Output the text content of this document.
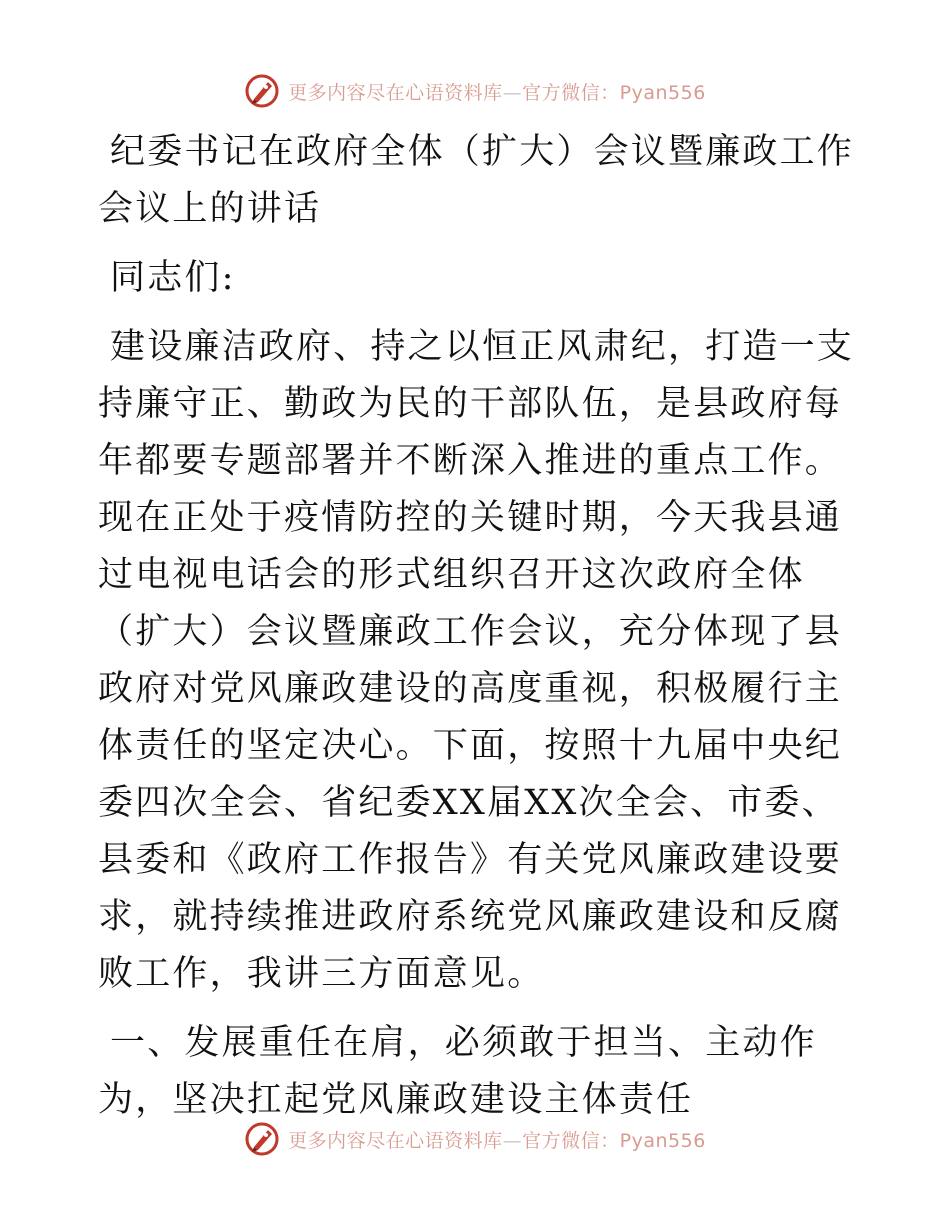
更多内容尽在心语资料库—官方微信：Pyan556
纪委书记在政府全体（扩大）会议暨廉政工作会议上的讲话

同志们:

建设廉洁政府、持之以恒正风肃纪，打造一支持廉守正、勤政为民的干部队伍，是县政府每年都要专题部署并不断深入推进的重点工作。现在正处于疫情防控的关键时期，今天我县通过电视电话会的形式组织召开这次政府全体（扩大）会议暨廉政工作会议，充分体现了县政府对党风廉政建设的高度重视，积极履行主体责任的坚定决心。下面，按照十九届中央纪委四次全会、省纪委XX届XX次全会、市委、县委和《政府工作报告》有关党风廉政建设要求，就持续推进政府系统党风廉政建设和反腐败工作，我讲三方面意见。

一、发展重任在肩，必须敢于担当、主动作为，坚决扛起党风廉政建设主体责任

更多内容尽在心语资料库—官方微信：Pyan556
